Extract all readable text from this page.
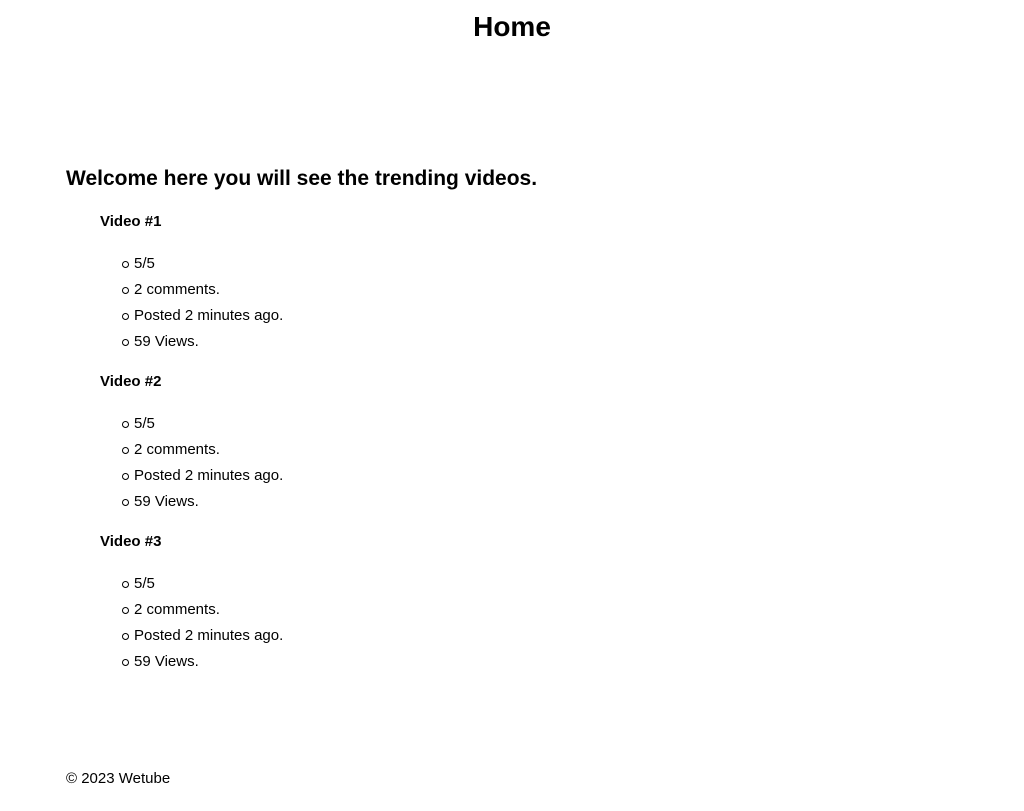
Home
Welcome here you will see the trending videos.
Video #1
5/5
2 comments.
Posted 2 minutes ago.
59 Views.
Video #2
5/5
2 comments.
Posted 2 minutes ago.
59 Views.
Video #3
5/5
2 comments.
Posted 2 minutes ago.
59 Views.
© 2023 Wetube
